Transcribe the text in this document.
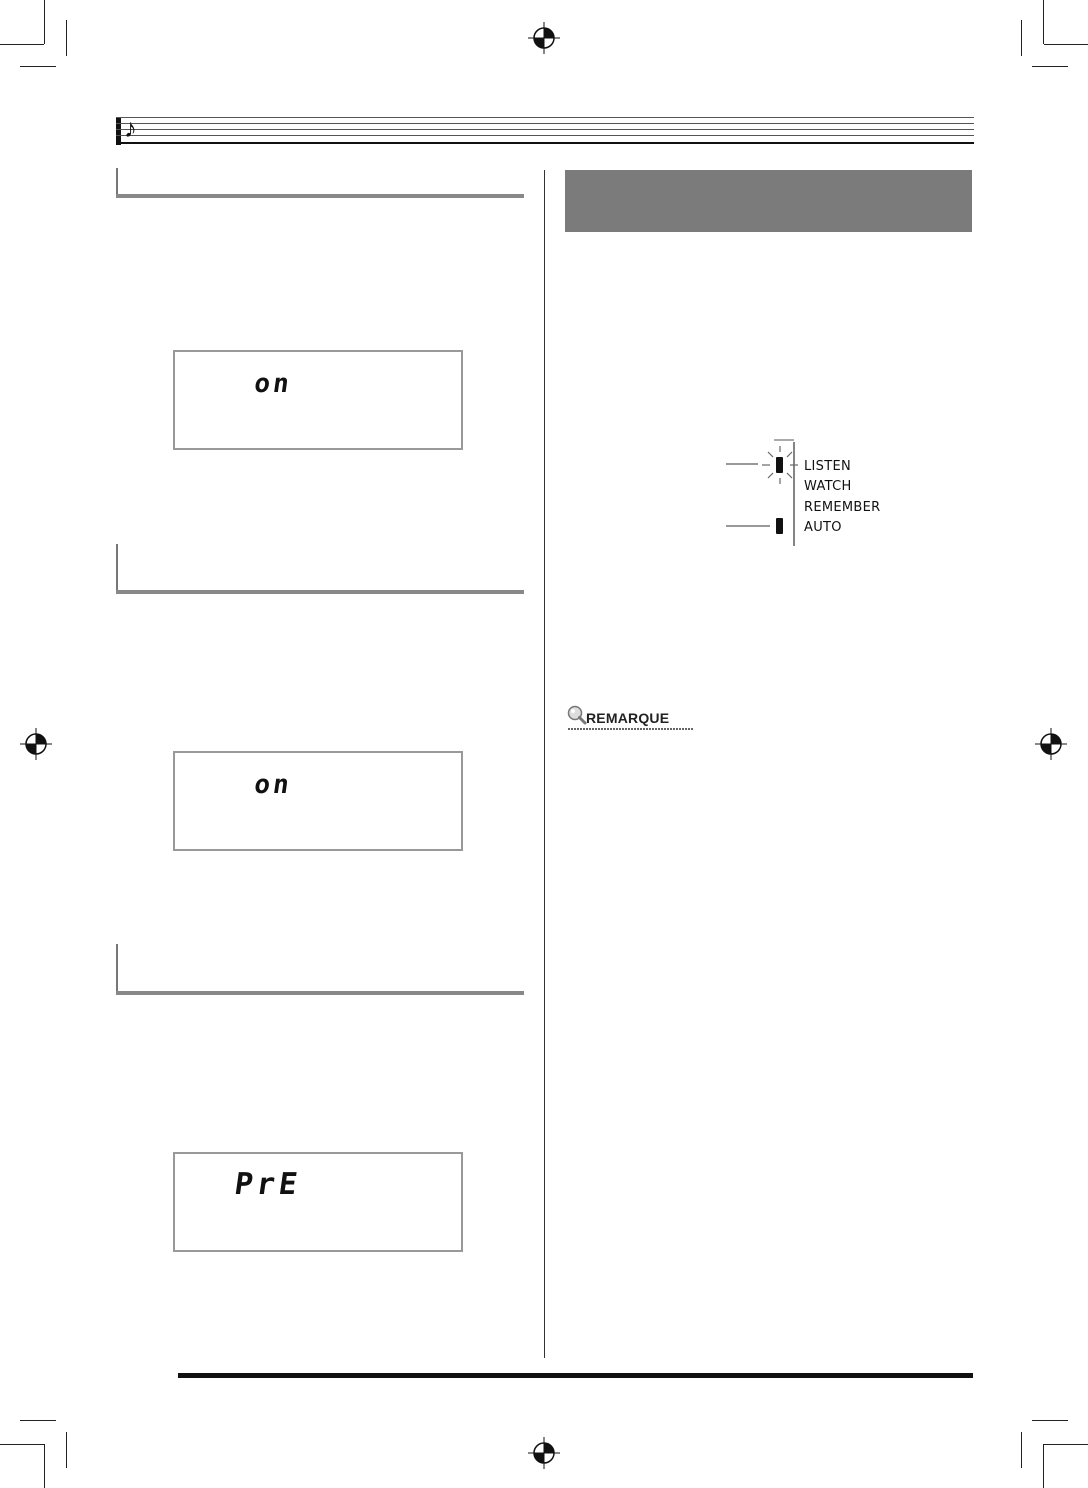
♪
on
on
PrE
LISTEN
WATCH
REMEMBER
AUTO
REMARQUE
